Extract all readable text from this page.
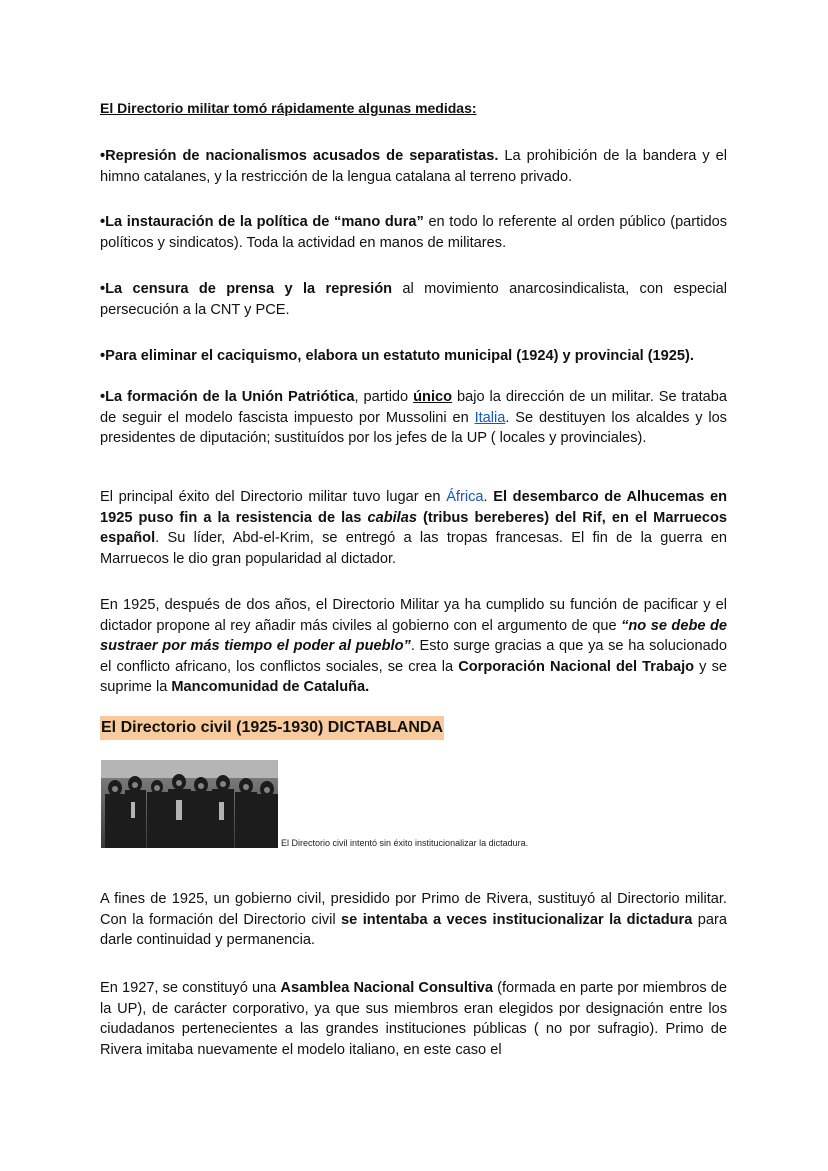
El Directorio militar tomó rápidamente algunas medidas:
•Represión de nacionalismos acusados de separatistas. La prohibición de la bandera y el himno catalanes, y la restricción de la lengua catalana al terreno privado.
•La instauración de la política de “mano dura” en todo lo referente al orden público (partidos políticos y sindicatos). Toda la actividad en manos de militares.
•La censura de prensa y la represión al movimiento anarcosindicalista, con especial persecución a la CNT y PCE.
•Para eliminar el caciquismo, elabora un estatuto municipal (1924) y provincial (1925).
•La formación de la Unión Patriótica, partido único bajo la dirección de un militar. Se trataba de seguir el modelo fascista impuesto por Mussolini en Italia. Se destituyen los alcaldes y los presidentes de diputación; sustituídos por los jefes de la UP ( locales y provinciales).
El principal éxito del Directorio militar tuvo lugar en África. El desembarco de Alhucemas en 1925 puso fin a la resistencia de las cabilas (tribus bereberes) del Rif, en el Marruecos español. Su líder, Abd-el-Krim, se entregó a las tropas francesas. El fin de la guerra en Marruecos le dio gran popularidad al dictador.
En 1925, después de dos años, el Directorio Militar ya ha cumplido su función de pacificar y el dictador propone al rey añadir más civiles al gobierno con el argumento de que “no se debe de sustraer por más tiempo el poder al pueblo”. Esto surge gracias a que ya se ha solucionado el conflicto africano, los conflictos sociales, se crea la Corporación Nacional del Trabajo y se suprime la Mancomunidad de Cataluña.
El Directorio civil (1925-1930) DICTABLANDA
El Directorio civil intentó sin éxito institucionalizar la dictadura.
A fines de 1925, un gobierno civil, presidido por Primo de Rivera, sustituyó al Directorio militar. Con la formación del Directorio civil se intentaba a veces institucionalizar la dictadura para darle continuidad y permanencia.
En 1927, se constituyó una Asamblea Nacional Consultiva (formada en parte por miembros de la UP), de carácter corporativo, ya que sus miembros eran elegidos por designación entre los ciudadanos pertenecientes a las grandes instituciones públicas ( no por sufragio). Primo de Rivera imitaba nuevamente el modelo italiano, en este caso el
